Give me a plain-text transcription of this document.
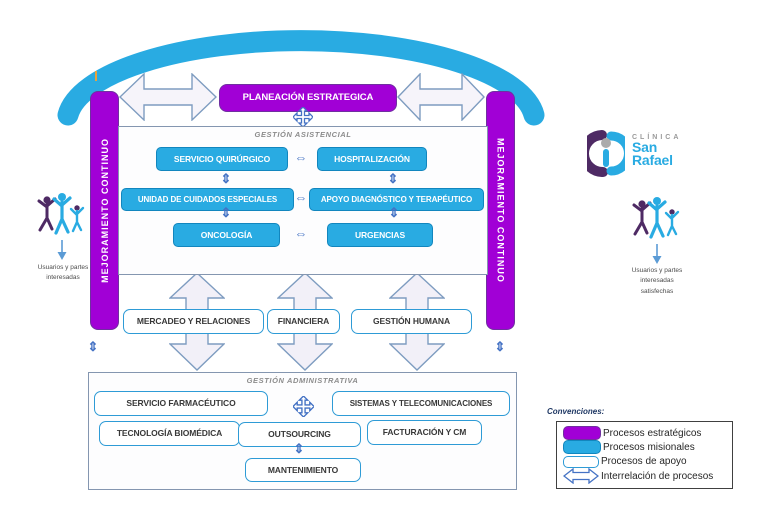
MEJORAMIENTO CONTINUO	MEJORAMIENTO CONTINUO
PLANEACIÓN ESTRATEGICA
GESTIÓN ASISTENCIAL
SERVICIO QUIRÚRGICO	HOSPITALIZACIÓN
UNIDAD DE CUIDADOS ESPECIALES	APOYO DIAGNÓSTICO Y TERAPÉUTICO
ONCOLOGÍA	URGENCIAS
⇔
⇔
⇔
⇕	⇕
⇕	⇕
MERCADEO Y RELACIONES	FINANCIERA	GESTIÓN HUMANA
⇕	⇕
GESTIÓN ADMINISTRATIVA
SERVICIO FARMACÉUTICO	SISTEMAS Y TELECOMUNICACIONES
TECNOLOGÍA BIOMÉDICA	OUTSOURCING	FACTURACIÓN Y CM
MANTENIMIENTO
⇕
Usuarios y partes
interesadas
Usuarios y partes
interesadas
satisfechas
CLÍNICA
San
Rafael
Convenciones:
Procesos estratégicos
Procesos misionales
Procesos de apoyo
Interrelación de procesos
